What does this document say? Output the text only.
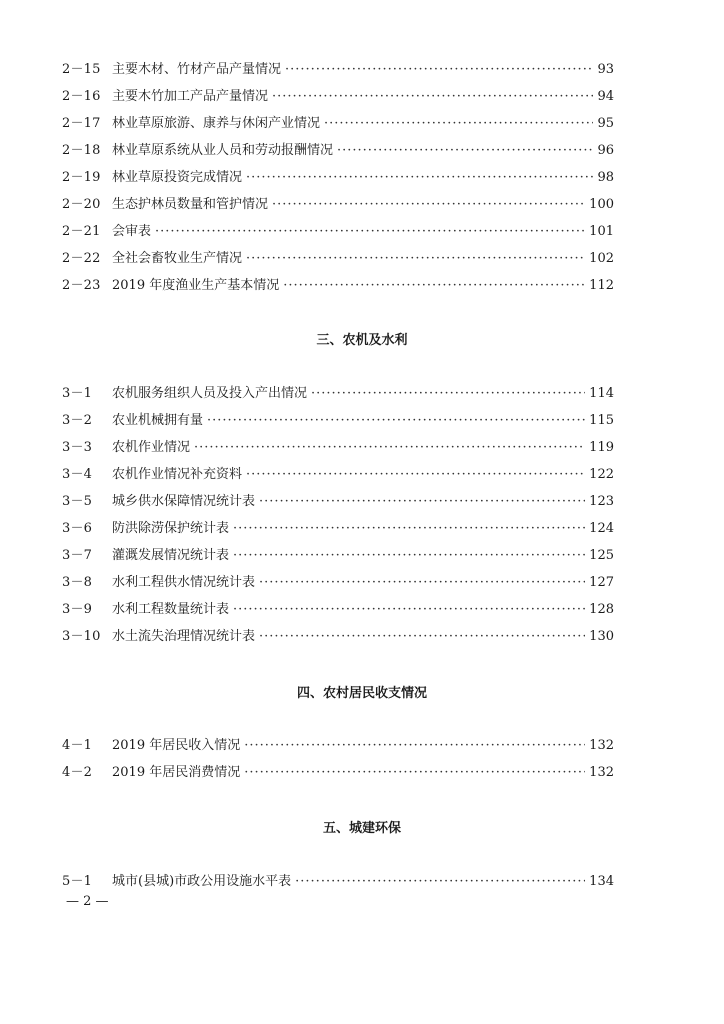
2－15 主要木材、竹材产品产量情况 ·····	93
2－16 主要木竹加工产品产量情况 ·····	94
2－17 林业草原旅游、康养与休闲产业情况 ·····	95
2－18 林业草原系统从业人员和劳动报酬情况 ·····	96
2－19 林业草原投资完成情况 ·····	98
2－20 生态护林员数量和管护情况 ·····	100
2－21 会审表 ·····	101
2－22 全社会畜牧业生产情况 ·····	102
2－23 2019 年度渔业生产基本情况 ·····	112
三、农机及水利
3－1	农机服务组织人员及投入产出情况 ·····	114
3－2	农业机械拥有量 ·····	115
3－3	农机作业情况 ·····	119
3－4	农机作业情况补充资料 ·····	122
3－5	城乡供水保障情况统计表 ·····	123
3－6	防洪除涝保护统计表 ·····	124
3－7	灌溉发展情况统计表 ·····	125
3－8	水利工程供水情况统计表 ·····	127
3－9	水利工程数量统计表 ·····	128
3－10 水土流失治理情况统计表 ·····	130
四、农村居民收支情况
4－1	2019 年居民收入情况 ·····	132
4－2	2019 年居民消费情况 ·····	132
五、城建环保
5－1	城市(县城)市政公用设施水平表 ·····	134
— 2 —
